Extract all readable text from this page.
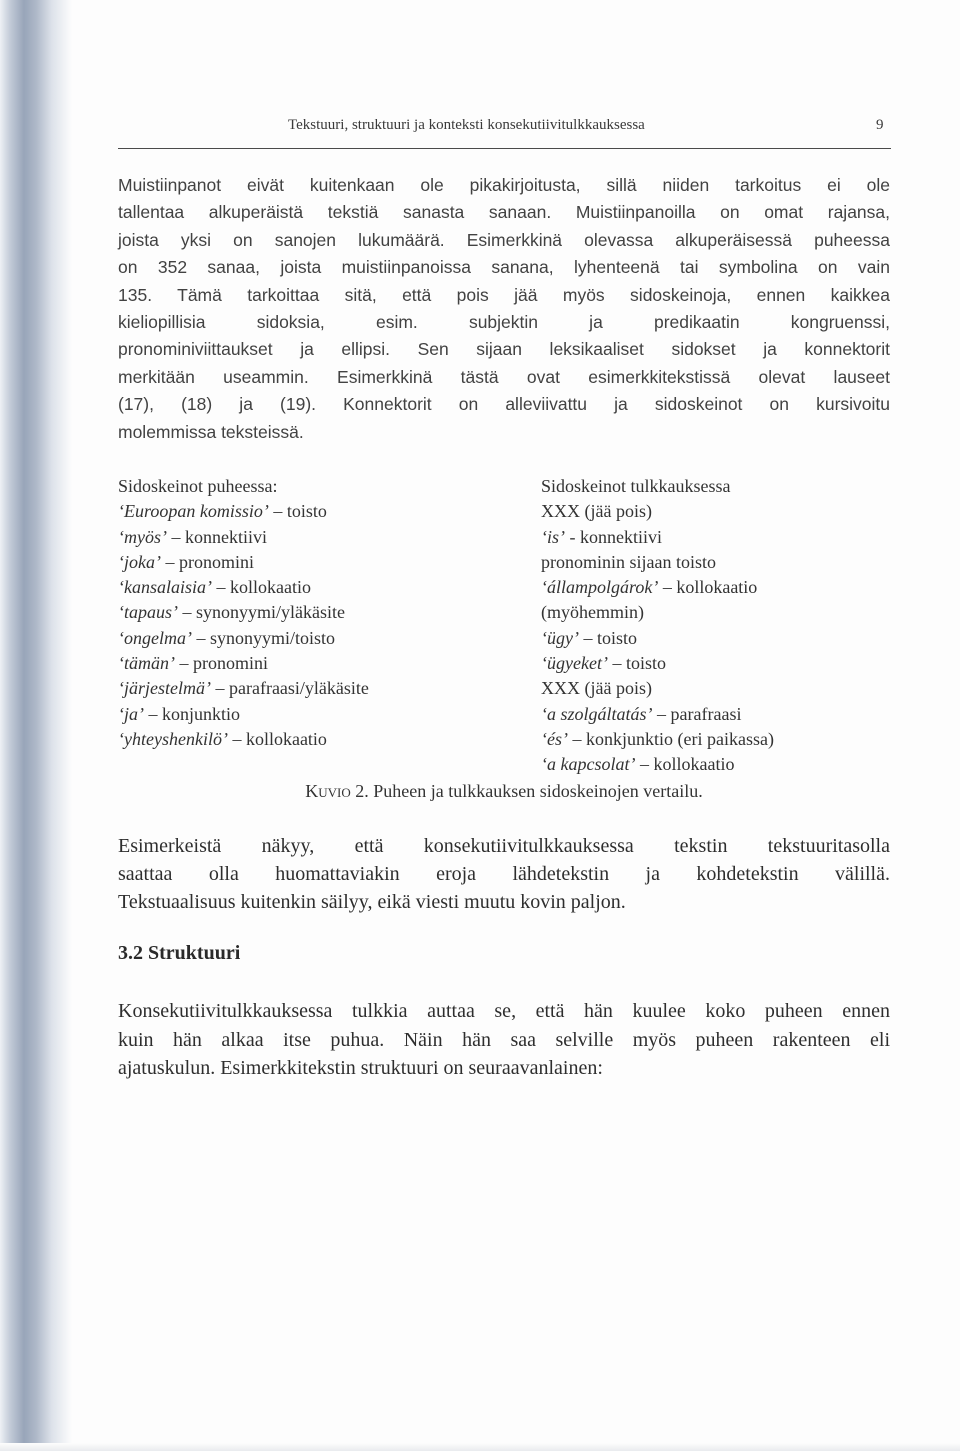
Tekstuuri, struktuuri ja konteksti konsekutiivitulkkauksessa	9
Muistiinpanot eivät kuitenkaan ole pikakirjoitusta, sillä niiden tarkoitus ei ole
tallentaa alkuperäistä tekstiä sanasta sanaan. Muistiinpanoilla on omat rajansa,
joista yksi on sanojen lukumäärä. Esimerkkinä olevassa alkuperäisessä puheessa
on 352 sanaa, joista muistiinpanoissa sanana, lyhenteenä tai symbolina on vain
135. Tämä tarkoittaa sitä, että pois jää myös sidoskeinoja, ennen kaikkea
kieliopillisia sidoksia, esim. subjektin ja predikaatin kongruenssi,
pronominiviittaukset ja ellipsi. Sen sijaan leksikaaliset sidokset ja konnektorit
merkitään useammin. Esimerkkinä tästä ovat esimerkkitekstissä olevat lauseet
(17), (18) ja (19). Konnektorit on alleviivattu ja sidoskeinot on kursivoitu
molemmissa teksteissä.
Sidoskeinot puheessa:
‘Euroopan komissio’ – toisto
‘myös’ – konnektiivi
‘joka’ – pronomini
‘kansalaisia’ – kollokaatio
‘tapaus’ – synonyymi/yläkäsite
‘ongelma’ – synonyymi/toisto
‘tämän’ – pronomini
‘järjestelmä’ – parafraasi/yläkäsite
‘ja’ – konjunktio
‘yhteyshenkilö’ – kollokaatio
Sidoskeinot tulkkauksessa
XXX (jää pois)
‘is’ - konnektiivi
pronominin sijaan toisto
‘állampolgárok’ – kollokaatio
(myöhemmin)
‘ügy’ – toisto
‘ügyeket’ – toisto
XXX (jää pois)
‘a szolgáltatás’ – parafraasi
‘és’ – konkjunktio (eri paikassa)
‘a kapcsolat’ – kollokaatio
Kuvio 2. Puheen ja tulkkauksen sidoskeinojen vertailu.
Esimerkeistä näkyy, että konsekutiivitulkkauksessa tekstin tekstuuritasolla
saattaa olla huomattaviakin eroja lähdetekstin ja kohdetekstin välillä.
Tekstuaalisuus kuitenkin säilyy, eikä viesti muutu kovin paljon.
3.2 Struktuuri
Konsekutiivitulkkauksessa tulkkia auttaa se, että hän kuulee koko puheen ennen
kuin hän alkaa itse puhua. Näin hän saa selville myös puheen rakenteen eli
ajatuskulun. Esimerkkitekstin struktuuri on seuraavanlainen:
